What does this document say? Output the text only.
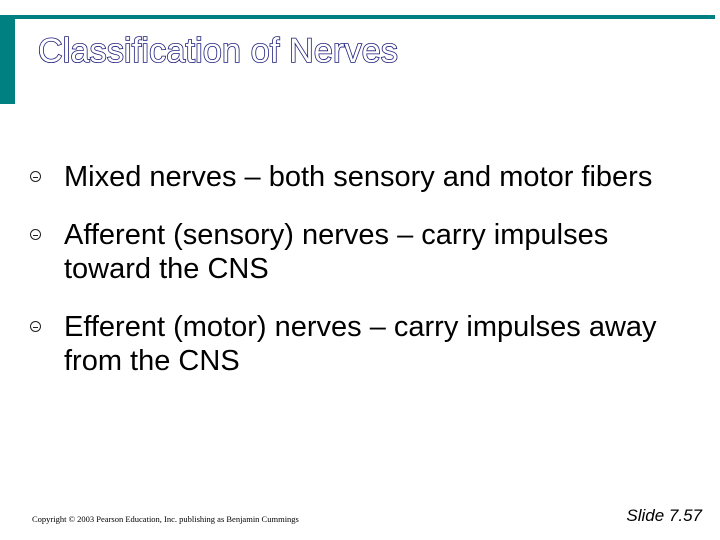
Classification of Nerves
Mixed nerves – both sensory and motor fibers
Afferent (sensory) nerves – carry impulses toward the CNS
Efferent (motor) nerves – carry impulses away from the CNS
Copyright © 2003 Pearson Education, Inc. publishing as Benjamin Cummings	Slide 7.57
